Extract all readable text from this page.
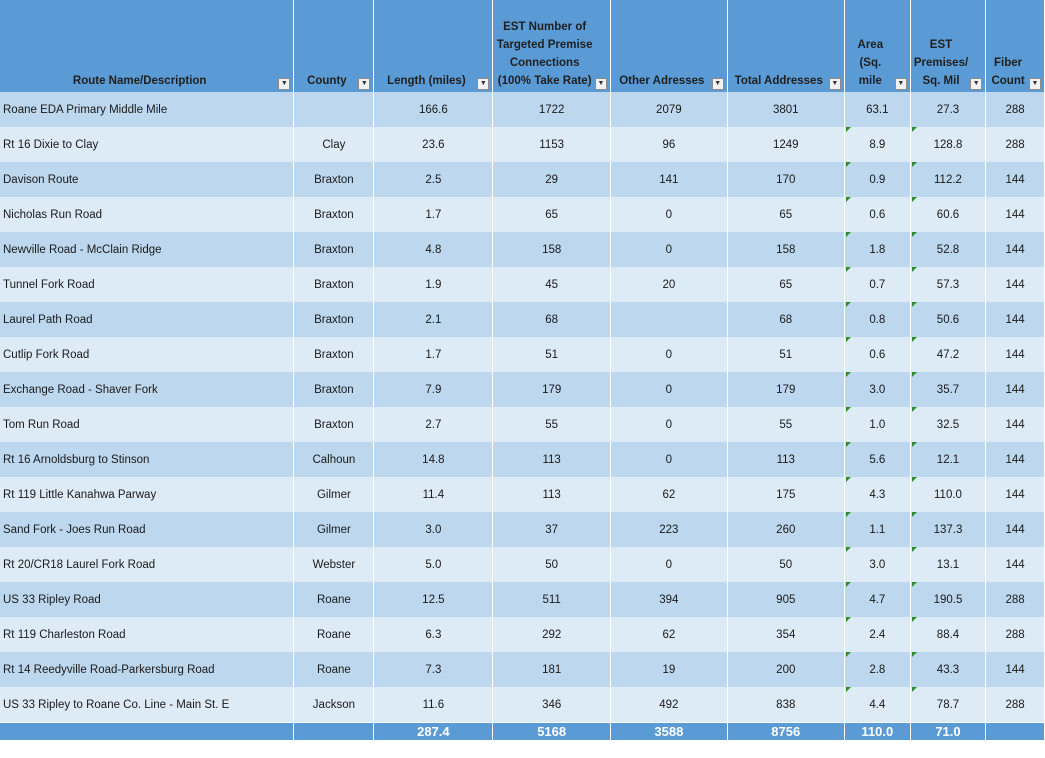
Route Name/Description ▼	County ▼	Length (miles) ▼	EST Number of
Targeted Premise
Connections
(100% Take Rate) ▼	Other Adresses ▼	Total Addresses ▼	Area
(Sq. mile ▼	EST
Premises/
Sq. Mil ▼	Fiber
Count ▼

Roane EDA Primary Middle Mile		166.6	1722	2079	3801	63.1	27.3	288
Rt 16 Dixie to Clay	Clay	23.6	1153	96	1249	8.9	128.8	288
Davison Route	Braxton	2.5	29	141	170	0.9	112.2	144
Nicholas Run Road	Braxton	1.7	65	0	65	0.6	60.6	144
Newville Road - McClain Ridge	Braxton	4.8	158	0	158	1.8	52.8	144
Tunnel Fork Road	Braxton	1.9	45	20	65	0.7	57.3	144
Laurel Path Road	Braxton	2.1	68		68	0.8	50.6	144
Cutlip Fork Road	Braxton	1.7	51	0	51	0.6	47.2	144
Exchange Road - Shaver Fork	Braxton	7.9	179	0	179	3.0	35.7	144
Tom Run Road	Braxton	2.7	55	0	55	1.0	32.5	144
Rt 16 Arnoldsburg to Stinson	Calhoun	14.8	113	0	113	5.6	12.1	144
Rt 119 Little Kanahwa Parway	Gilmer	11.4	113	62	175	4.3	110.0	144
Sand Fork - Joes Run Road	Gilmer	3.0	37	223	260	1.1	137.3	144
Rt 20/CR18 Laurel Fork Road	Webster	5.0	50	0	50	3.0	13.1	144
US 33 Ripley Road	Roane	12.5	511	394	905	4.7	190.5	288
Rt 119 Charleston Road	Roane	6.3	292	62	354	2.4	88.4	288
Rt 14 Reedyville Road-Parkersburg Road	Roane	7.3	181	19	200	2.8	43.3	144
US 33 Ripley to Roane Co. Line - Main St. E	Jackson	11.6	346	492	838	4.4	78.7	288
		287.4	5168	3588	8756	110.0	71.0	
